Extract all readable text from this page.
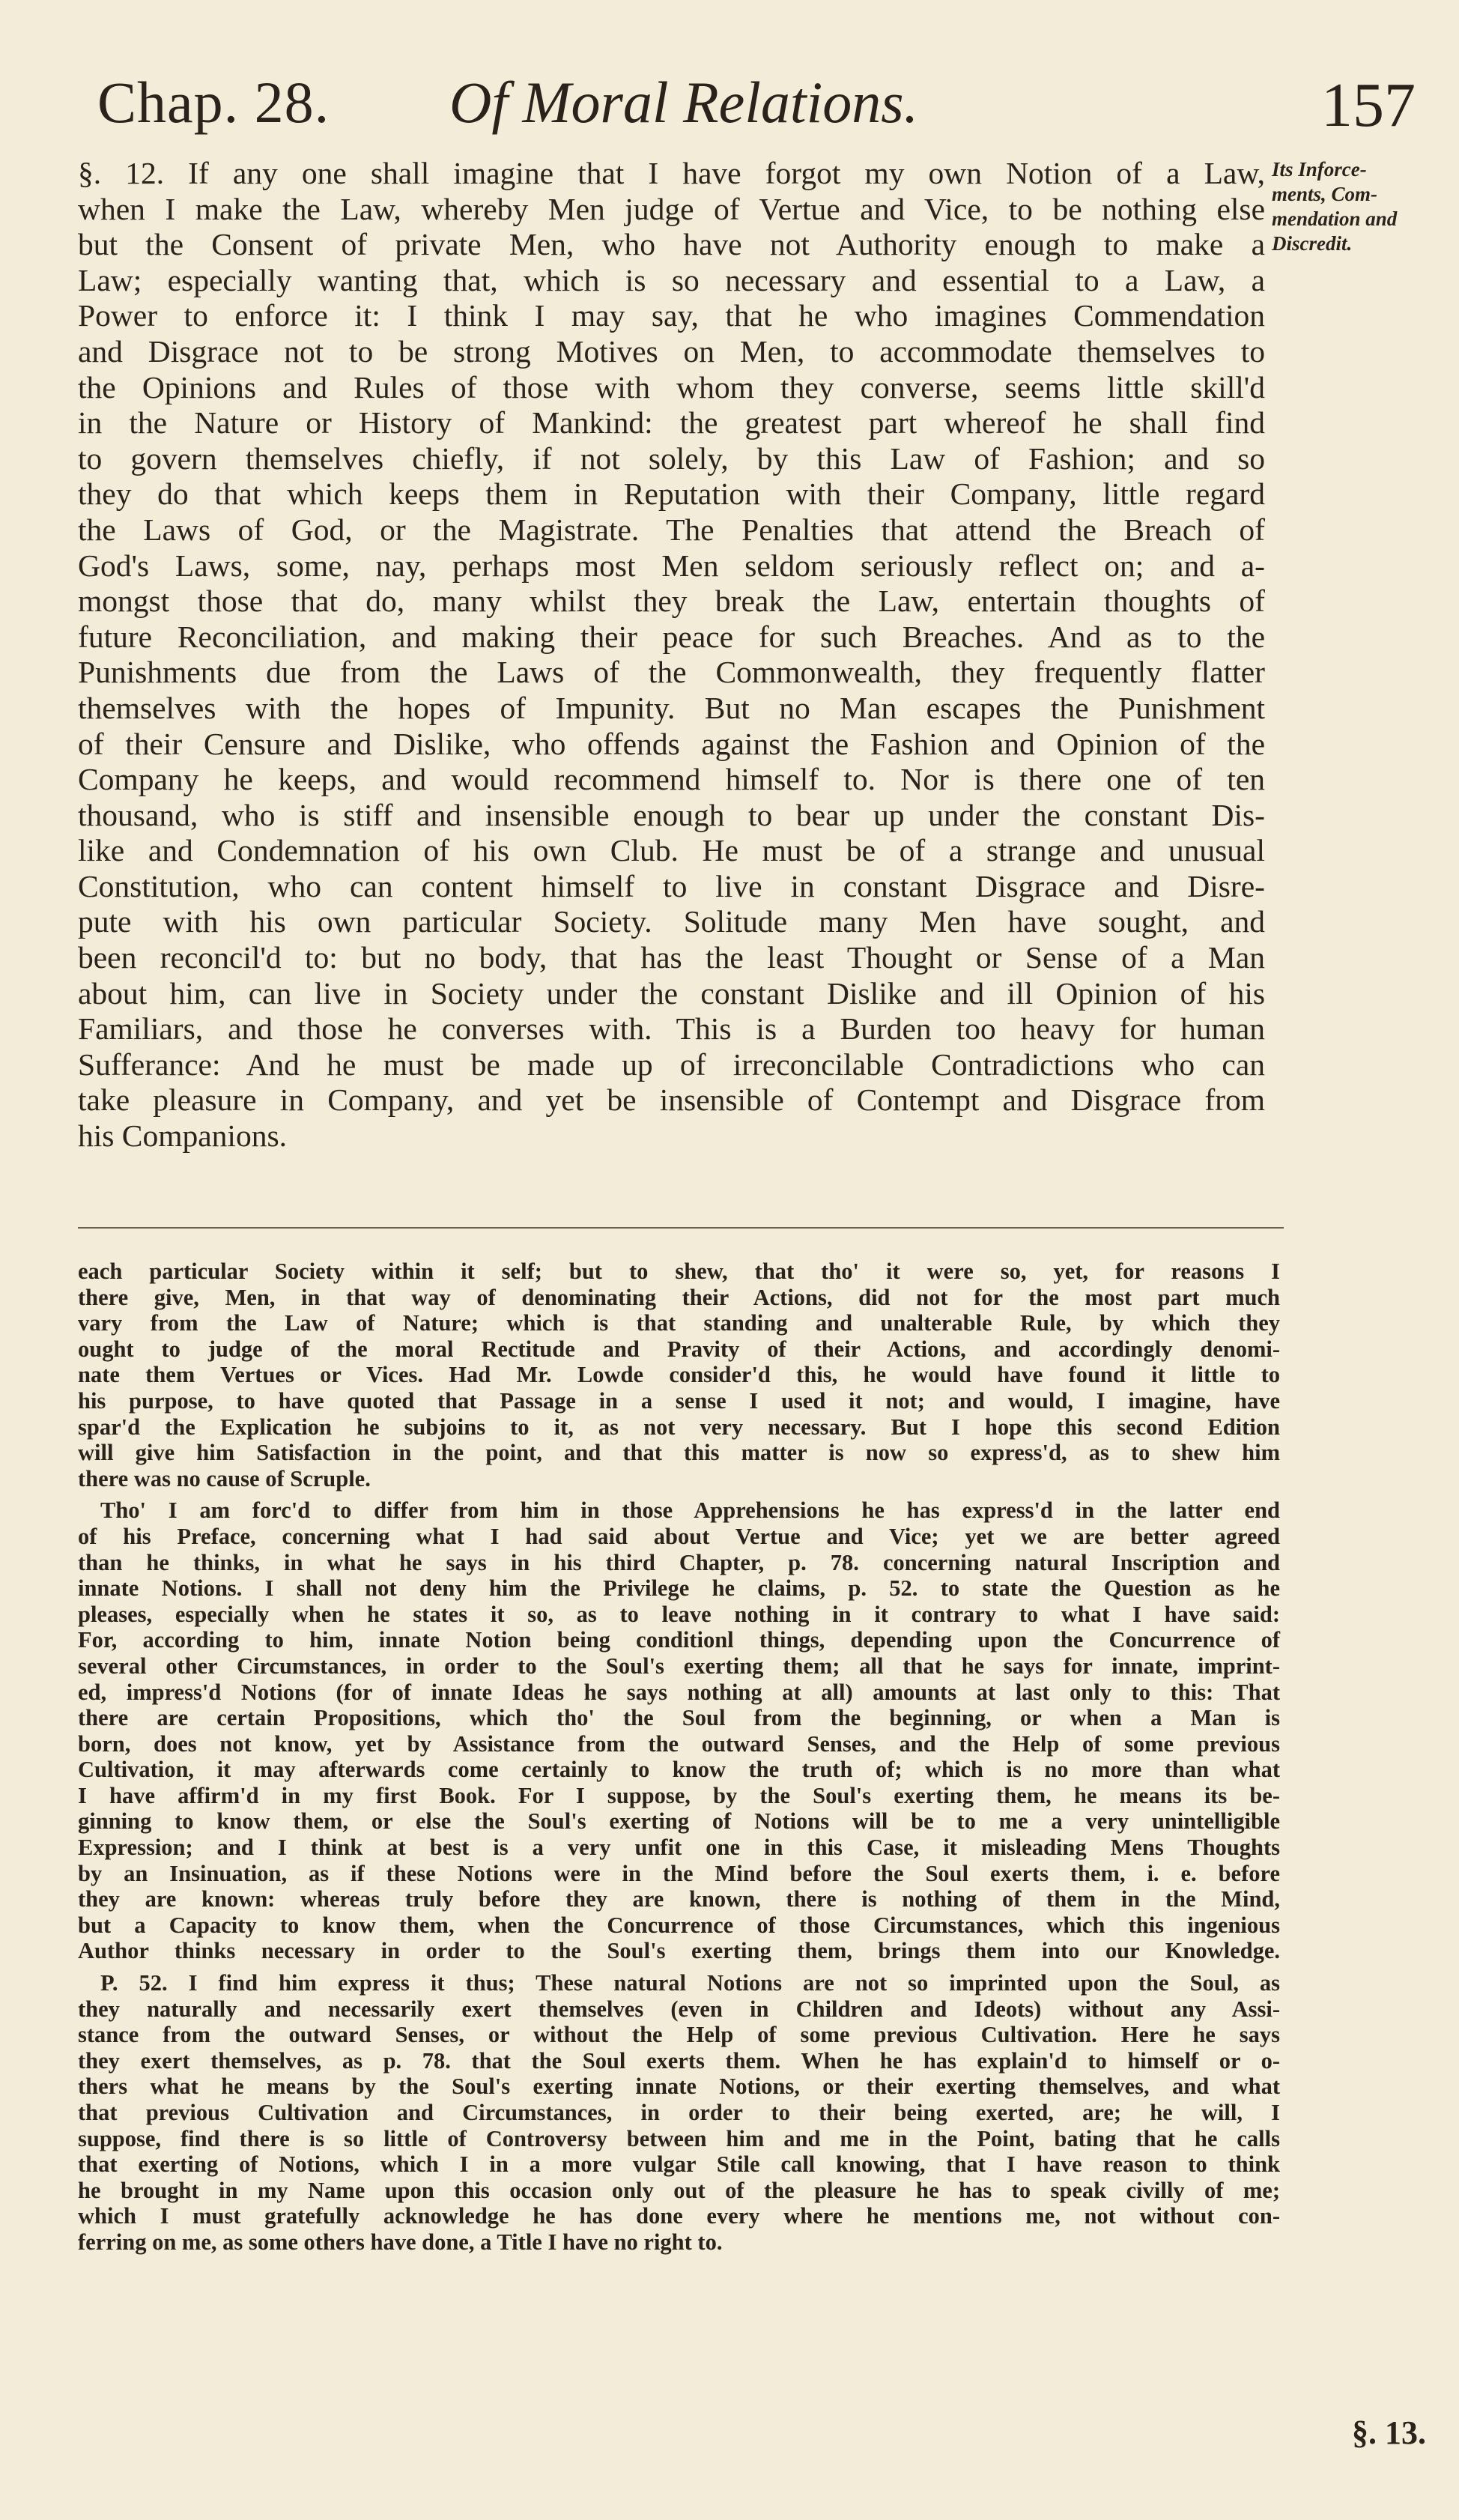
Chap. 28. Of Moral Relations.	157
§. 12. If any one shall imagine that I have forgot my own Notion of a Law,
when I make the Law, whereby Men judge of Vertue and Vice, to be nothing else
but the Consent of private Men, who have not Authority enough to make a
Law; especially wanting that, which is so necessary and essential to a Law, a
Power to enforce it: I think I may say, that he who imagines Commendation
and Disgrace not to be strong Motives on Men, to accommodate themselves to
the Opinions and Rules of those with whom they converse, seems little skill'd
in the Nature or History of Mankind: the greatest part whereof he shall find
to govern themselves chiefly, if not solely, by this Law of Fashion; and so
they do that which keeps them in Reputation with their Company, little regard
the Laws of God, or the Magistrate. The Penalties that attend the Breach of
God's Laws, some, nay, perhaps most Men seldom seriously reflect on; and a-
mongst those that do, many whilst they break the Law, entertain thoughts of
future Reconciliation, and making their peace for such Breaches. And as to the
Punishments due from the Laws of the Commonwealth, they frequently flatter
themselves with the hopes of Impunity. But no Man escapes the Punishment
of their Censure and Dislike, who offends against the Fashion and Opinion of the
Company he keeps, and would recommend himself to. Nor is there one of ten
thousand, who is stiff and insensible enough to bear up under the constant Dis-
like and Condemnation of his own Club. He must be of a strange and unusual
Constitution, who can content himself to live in constant Disgrace and Disre-
pute with his own particular Society. Solitude many Men have sought, and
been reconcil'd to: but no body, that has the least Thought or Sense of a Man
about him, can live in Society under the constant Dislike and ill Opinion of his
Familiars, and those he converses with. This is a Burden too heavy for human
Sufferance: And he must be made up of irreconcilable Contradictions who can
take pleasure in Company, and yet be insensible of Contempt and Disgrace from
his Companions.
Its Inforce-
ments, Com-
mendation and
Discredit.
each particular Society within it self; but to shew, that tho' it were so, yet, for reasons I
there give, Men, in that way of denominating their Actions, did not for the most part much
vary from the Law of Nature; which is that standing and unalterable Rule, by which they
ought to judge of the moral Rectitude and Pravity of their Actions, and accordingly denomi-
nate them Vertues or Vices. Had Mr. Lowde consider'd this, he would have found it little to
his purpose, to have quoted that Passage in a sense I used it not; and would, I imagine, have
spar'd the Explication he subjoins to it, as not very necessary. But I hope this second Edition
will give him Satisfaction in the point, and that this matter is now so express'd, as to shew him
there was no cause of Scruple.
Tho' I am forc'd to differ from him in those Apprehensions he has express'd in the latter end
of his Preface, concerning what I had said about Vertue and Vice; yet we are better agreed
than he thinks, in what he says in his third Chapter, p. 78. concerning natural Inscription and
innate Notions. I shall not deny him the Privilege he claims, p. 52. to state the Question as he
pleases, especially when he states it so, as to leave nothing in it contrary to what I have said:
For, according to him, innate Notion being conditionl things, depending upon the Concurrence of
several other Circumstances, in order to the Soul's exerting them; all that he says for innate, imprint-
ed, impress'd Notions (for of innate Ideas he says nothing at all) amounts at last only to this: That
there are certain Propositions, which tho' the Soul from the beginning, or when a Man is
born, does not know, yet by Assistance from the outward Senses, and the Help of some previous
Cultivation, it may afterwards come certainly to know the truth of; which is no more than what
I have affirm'd in my first Book. For I suppose, by the Soul's exerting them, he means its be-
ginning to know them, or else the Soul's exerting of Notions will be to me a very unintelligible
Expression; and I think at best is a very unfit one in this Case, it misleading Mens Thoughts
by an Insinuation, as if these Notions were in the Mind before the Soul exerts them, i. e. before
they are known: whereas truly before they are known, there is nothing of them in the Mind,
but a Capacity to know them, when the Concurrence of those Circumstances, which this ingenious
Author thinks necessary in order to the Soul's exerting them, brings them into our Knowledge.
P. 52. I find him express it thus; These natural Notions are not so imprinted upon the Soul, as
they naturally and necessarily exert themselves (even in Children and Ideots) without any Assi-
stance from the outward Senses, or without the Help of some previous Cultivation. Here he says
they exert themselves, as p. 78. that the Soul exerts them. When he has explain'd to himself or o-
thers what he means by the Soul's exerting innate Notions, or their exerting themselves, and what
that previous Cultivation and Circumstances, in order to their being exerted, are; he will, I
suppose, find there is so little of Controversy between him and me in the Point, bating that he calls
that exerting of Notions, which I in a more vulgar Stile call knowing, that I have reason to think
he brought in my Name upon this occasion only out of the pleasure he has to speak civilly of me;
which I must gratefully acknowledge he has done every where he mentions me, not without con-
ferring on me, as some others have done, a Title I have no right to.
§. 13.
